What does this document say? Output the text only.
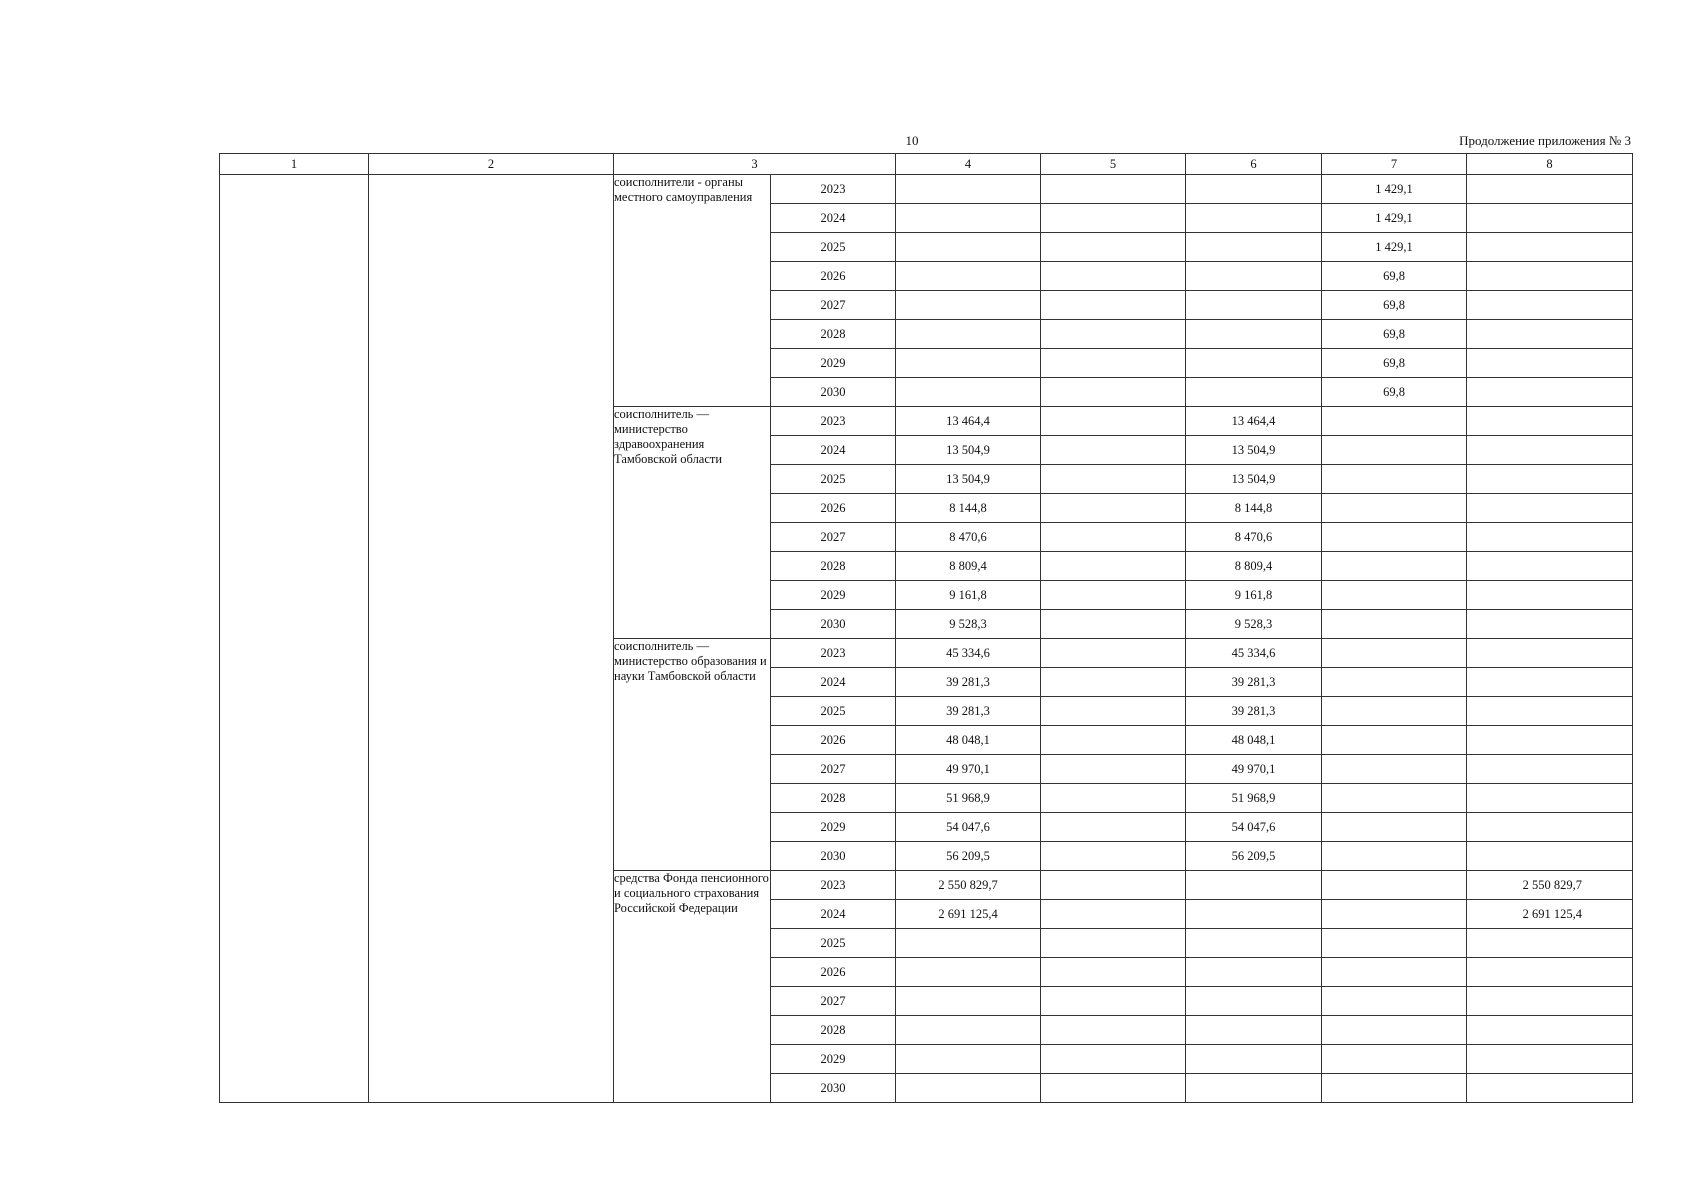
10	Продолжение приложения № 3
1	2	3		4	5	6	7	8
		соисполнители - органы местного самоуправления	2023				1 429,1	
			2024				1 429,1	
			2025				1 429,1	
			2026				69,8	
			2027				69,8	
			2028				69,8	
			2029				69,8	
			2030				69,8	
		соисполнитель — министерство здравоохранения Тамбовской области	2023	13 464,4		13 464,4		
			2024	13 504,9		13 504,9		
			2025	13 504,9		13 504,9		
			2026	8 144,8		8 144,8		
			2027	8 470,6		8 470,6		
			2028	8 809,4		8 809,4		
			2029	9 161,8		9 161,8		
			2030	9 528,3		9 528,3		
		соисполнитель — министерство образования и науки Тамбовской области	2023	45 334,6		45 334,6		
			2024	39 281,3		39 281,3		
			2025	39 281,3		39 281,3		
			2026	48 048,1		48 048,1		
			2027	49 970,1		49 970,1		
			2028	51 968,9		51 968,9		
			2029	54 047,6		54 047,6		
			2030	56 209,5		56 209,5		
		средства Фонда пенсионного и социального страхования Российской Федерации	2023	2 550 829,7				2 550 829,7
			2024	2 691 125,4				2 691 125,4
			2025					
			2026					
			2027					
			2028					
			2029					
			2030					
